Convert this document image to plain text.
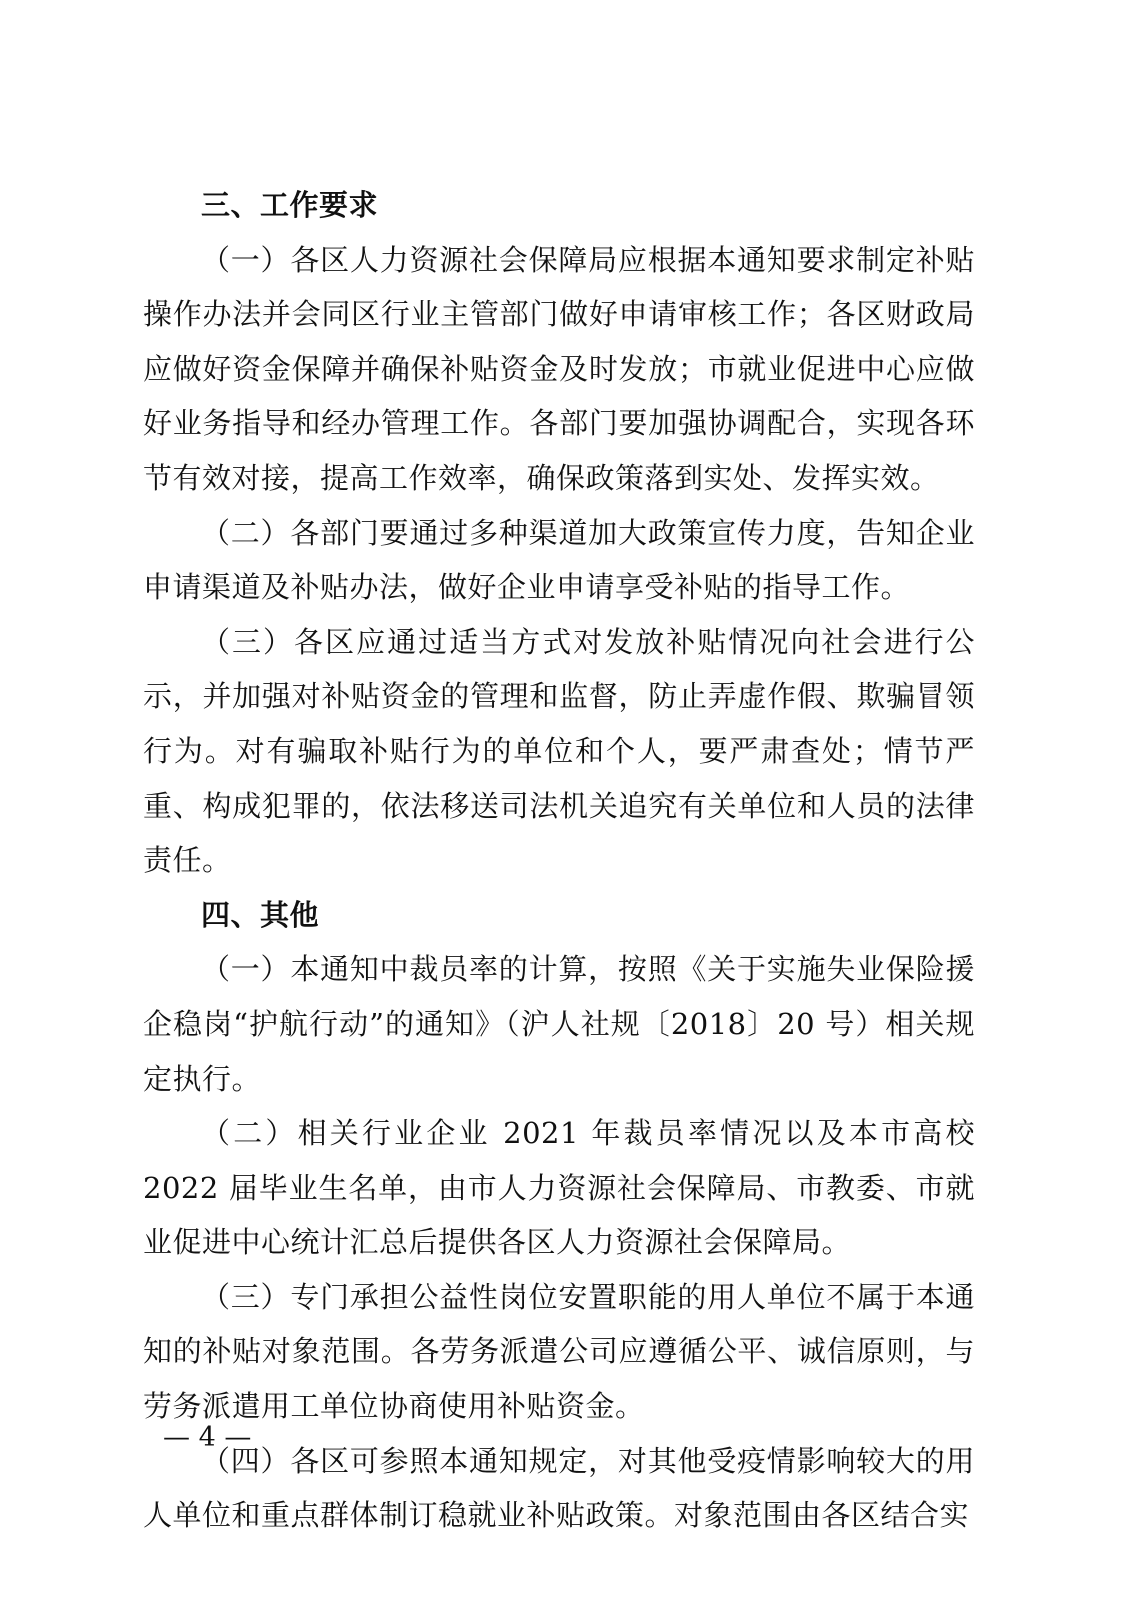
三、工作要求

（一）各区人力资源社会保障局应根据本通知要求制定补贴操作办法并会同区行业主管部门做好申请审核工作；各区财政局应做好资金保障并确保补贴资金及时发放；市就业促进中心应做好业务指导和经办管理工作。各部门要加强协调配合，实现各环节有效对接，提高工作效率，确保政策落到实处、发挥实效。

（二）各部门要通过多种渠道加大政策宣传力度，告知企业申请渠道及补贴办法，做好企业申请享受补贴的指导工作。

（三）各区应通过适当方式对发放补贴情况向社会进行公示，并加强对补贴资金的管理和监督，防止弄虚作假、欺骗冒领行为。对有骗取补贴行为的单位和个人，要严肃查处；情节严重、构成犯罪的，依法移送司法机关追究有关单位和人员的法律责任。

四、其他

（一）本通知中裁员率的计算，按照《关于实施失业保险援企稳岗“护航行动”的通知》（沪人社规〔2018〕20 号）相关规定执行。

（二）相关行业企业 2021 年裁员率情况以及本市高校 2022 届毕业生名单，由市人力资源社会保障局、市教委、市就业促进中心统计汇总后提供各区人力资源社会保障局。

（三）专门承担公益性岗位安置职能的用人单位不属于本通知的补贴对象范围。各劳务派遣公司应遵循公平、诚信原则，与劳务派遣用工单位协商使用补贴资金。

（四）各区可参照本通知规定，对其他受疫情影响较大的用人单位和重点群体制订稳就业补贴政策。对象范围由各区结合实

— 4 —
